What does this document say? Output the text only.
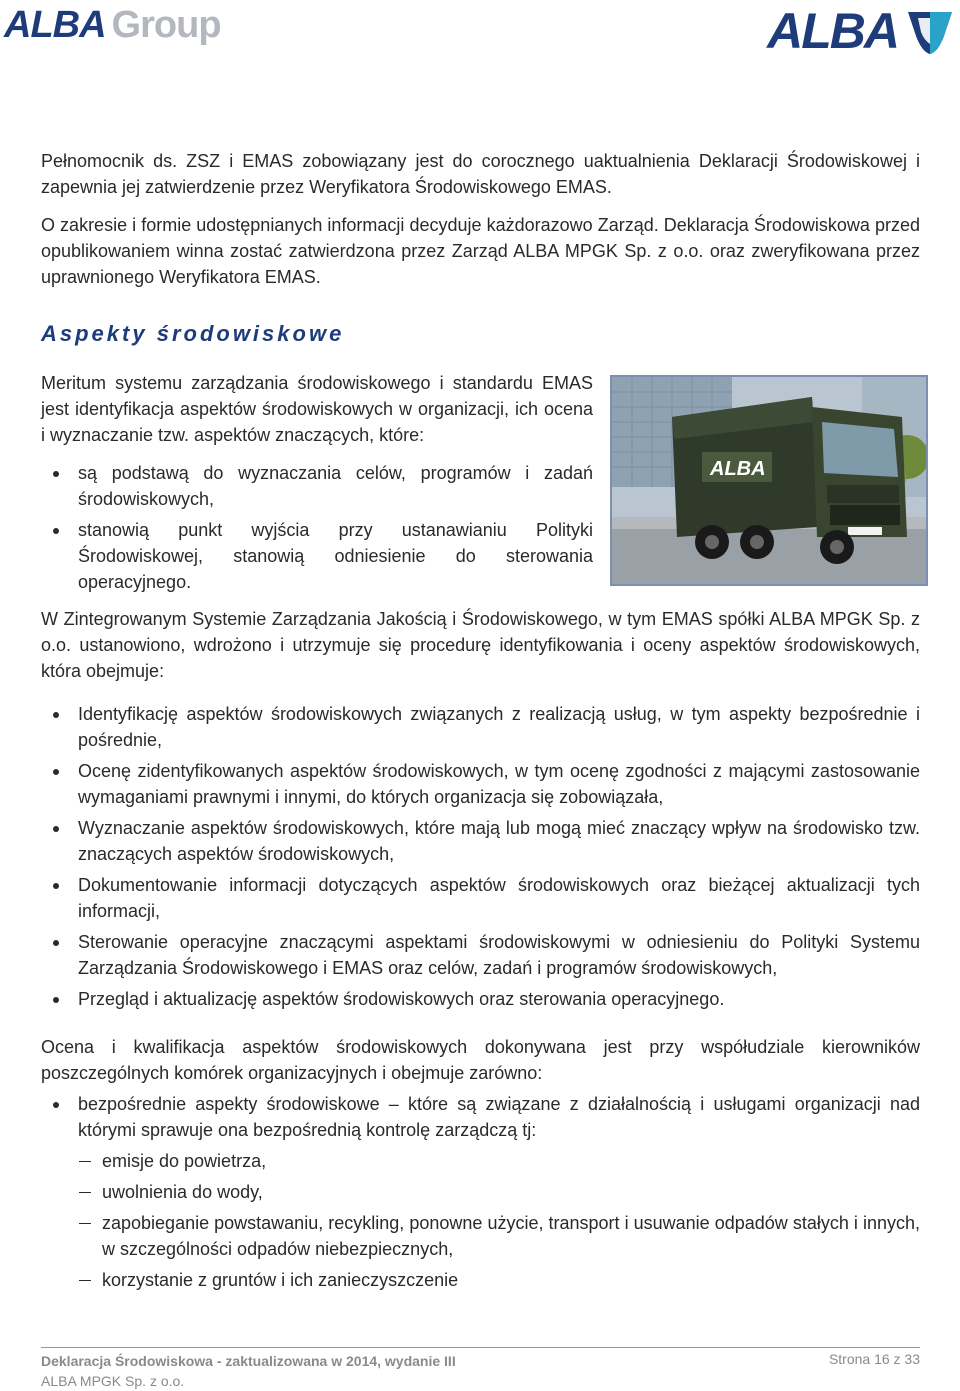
ALBA Group	ALBA

Pełnomocnik ds. ZSZ i EMAS zobowiązany jest do corocznego uaktualnienia Deklaracji Środowiskowej i zapewnia jej zatwierdzenie przez Weryfikatora Środowiskowego EMAS.

O zakresie i formie udostępnianych informacji decyduje każdorazowo Zarząd. Deklaracja Środowiskowa przed opublikowaniem winna zostać zatwierdzona przez Zarząd ALBA MPGK Sp. z o.o. oraz zweryfikowana przez uprawnionego Weryfikatora EMAS.

Aspekty środowiskowe

Meritum systemu zarządzania środowiskowego i standardu EMAS jest identyfikacja aspektów środowiskowych w organizacji, ich ocena i wyznaczanie tzw. aspektów znaczących, które:

są podstawą do wyznaczania celów, programów i zadań środowiskowych,
stanowią punkt wyjścia przy ustanawianiu Polityki Środowiskowej, stanowią odniesienie do sterowania operacyjnego.
ALBA

W Zintegrowanym Systemie Zarządzania Jakością i Środowiskowego, w tym EMAS spółki ALBA MPGK Sp. z o.o. ustanowiono, wdrożono i utrzymuje się procedurę identyfikowania i oceny aspektów środowiskowych, która obejmuje:

Identyfikację aspektów środowiskowych związanych z realizacją usług, w tym aspekty bezpośrednie i pośrednie,
Ocenę zidentyfikowanych aspektów środowiskowych, w tym ocenę zgodności z mającymi zastosowanie wymaganiami prawnymi i innymi, do których organizacja się zobowiązała,
Wyznaczanie aspektów środowiskowych, które mają lub mogą mieć znaczący wpływ na środowisko tzw. znaczących aspektów środowiskowych,
Dokumentowanie informacji dotyczących aspektów środowiskowych oraz bieżącej aktualizacji tych informacji,
Sterowanie operacyjne znaczącymi aspektami środowiskowymi w odniesieniu do Polityki Systemu Zarządzania Środowiskowego i EMAS oraz celów, zadań i programów środowiskowych,
Przegląd i aktualizację aspektów środowiskowych oraz sterowania operacyjnego.

Ocena i kwalifikacja aspektów środowiskowych dokonywana jest przy współudziale kierowników poszczególnych komórek organizacyjnych i obejmuje zarówno:

bezpośrednie aspekty środowiskowe – które są związane z działalnością i usługami organizacji nad którymi sprawuje ona bezpośrednią kontrolę zarządczą tj:
emisje do powietrza,
uwolnienia do wody,
zapobieganie powstawaniu, recykling, ponowne użycie, transport i usuwanie odpadów stałych i innych, w szczególności odpadów niebezpiecznych,
korzystanie z gruntów i ich zanieczyszczenie
Deklaracja Środowiskowa - zaktualizowana w 2014, wydanie III
ALBA MPGK Sp. z o.o.
Strona 16 z 33
